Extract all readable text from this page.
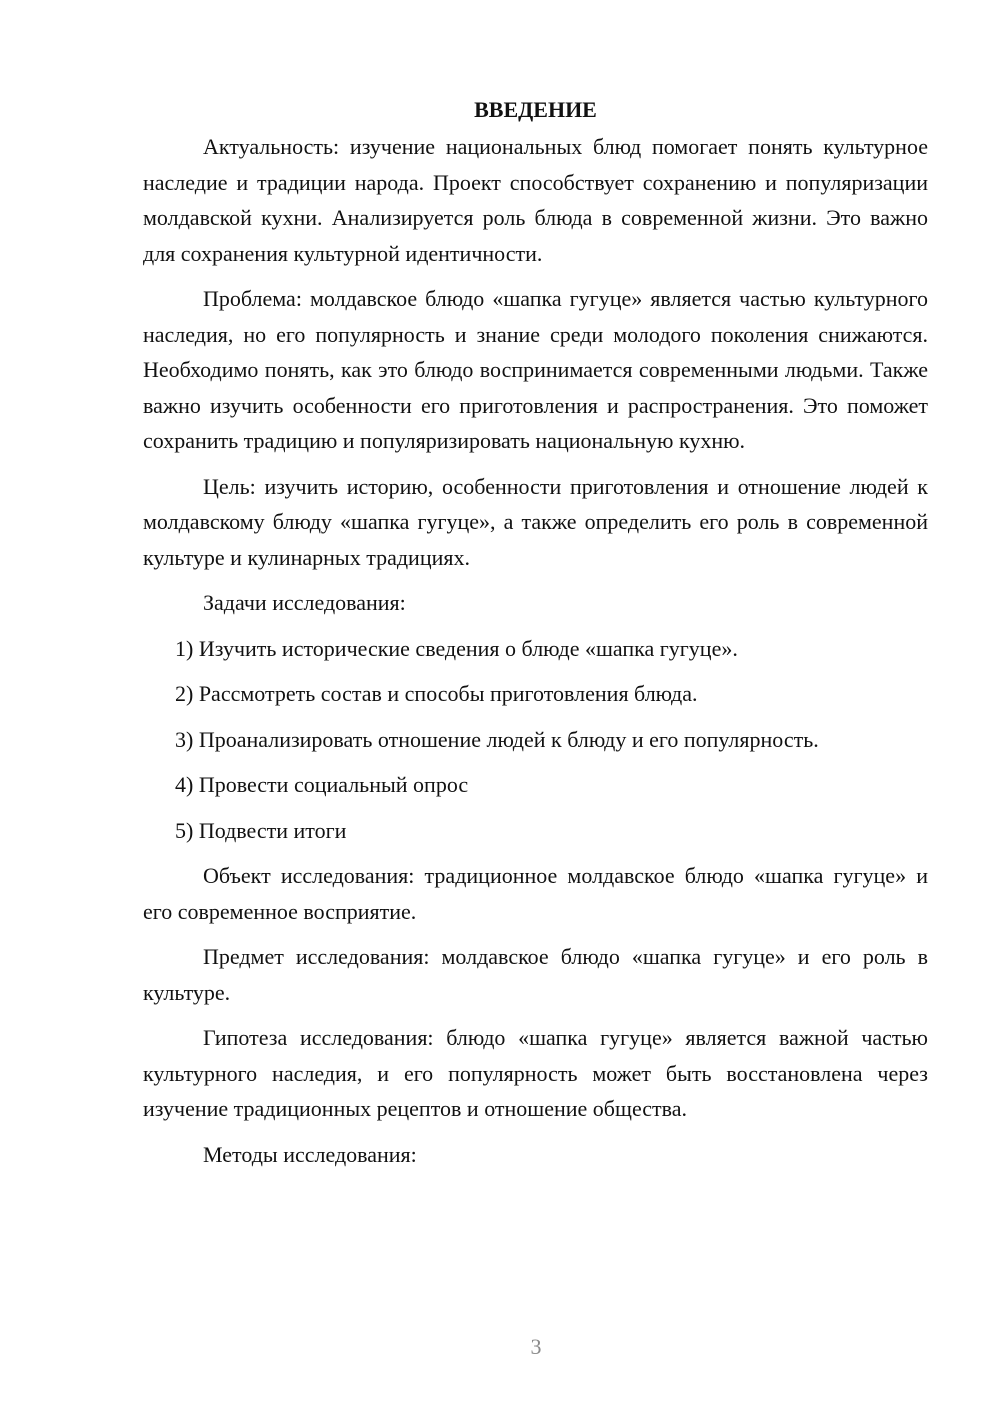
ВВЕДЕНИЕ

Актуальность: изучение национальных блюд помогает понять культурное наследие и традиции народа. Проект способствует сохранению и популяризации молдавской кухни. Анализируется роль блюда в современной жизни. Это важно для сохранения культурной идентичности.

Проблема: молдавское блюдо «шапка гугуце» является частью культурного наследия, но его популярность и знание среди молодого поколения снижаются. Необходимо понять, как это блюдо воспринимается современными людьми. Также важно изучить особенности его приготовления и распространения. Это поможет сохранить традицию и популяризировать национальную кухню.

Цель: изучить историю, особенности приготовления и отношение людей к молдавскому блюду «шапка гугуце», а также определить его роль в современной культуре и кулинарных традициях.

Задачи исследования:

1) Изучить исторические сведения о блюде «шапка гугуце».
2) Рассмотреть состав и способы приготовления блюда.
3) Проанализировать отношение людей к блюду и его популярность.
4) Провести социальный опрос
5) Подвести итоги

Объект исследования: традиционное молдавское блюдо «шапка гугуце» и его современное восприятие.

Предмет исследования: молдавское блюдо «шапка гугуце» и его роль в культуре.

Гипотеза исследования: блюдо «шапка гугуце» является важной частью культурного наследия, и его популярность может быть восстановлена через изучение традиционных рецептов и отношение общества.

Методы исследования:

3
